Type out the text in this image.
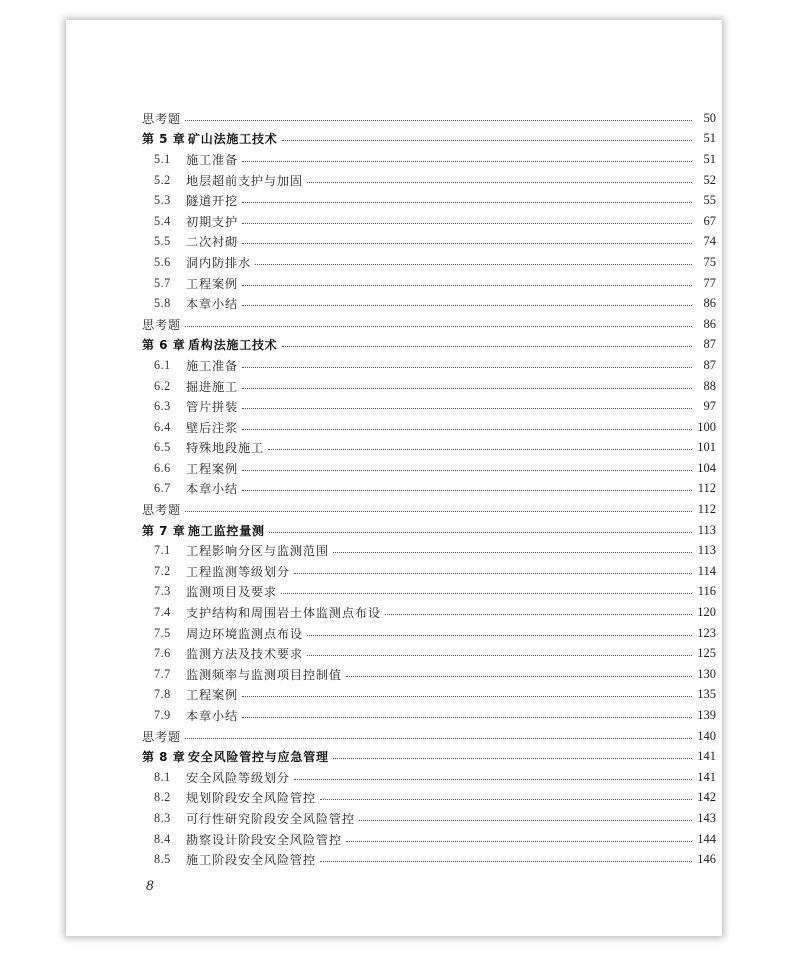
思考题	50
第 5 章 矿山法施工技术	51
5.1	施工准备	51
5.2	地层超前支护与加固	52
5.3	隧道开挖	55
5.4	初期支护	67
5.5	二次衬砌	74
5.6	洞内防排水	75
5.7	工程案例	77
5.8	本章小结	86
思考题	86
第 6 章 盾构法施工技术	87
6.1	施工准备	87
6.2	掘进施工	88
6.3	管片拼装	97
6.4	壁后注浆	100
6.5	特殊地段施工	101
6.6	工程案例	104
6.7	本章小结	112
思考题	112
第 7 章 施工监控量测	113
7.1	工程影响分区与监测范围	113
7.2	工程监测等级划分	114
7.3	监测项目及要求	116
7.4	支护结构和周围岩土体监测点布设	120
7.5	周边环境监测点布设	123
7.6	监测方法及技术要求	125
7.7	监测频率与监测项目控制值	130
7.8	工程案例	135
7.9	本章小结	139
思考题	140
第 8 章 安全风险管控与应急管理	141
8.1	安全风险等级划分	141
8.2	规划阶段安全风险管控	142
8.3	可行性研究阶段安全风险管控	143
8.4	勘察设计阶段安全风险管控	144
8.5	施工阶段安全风险管控	146
8
